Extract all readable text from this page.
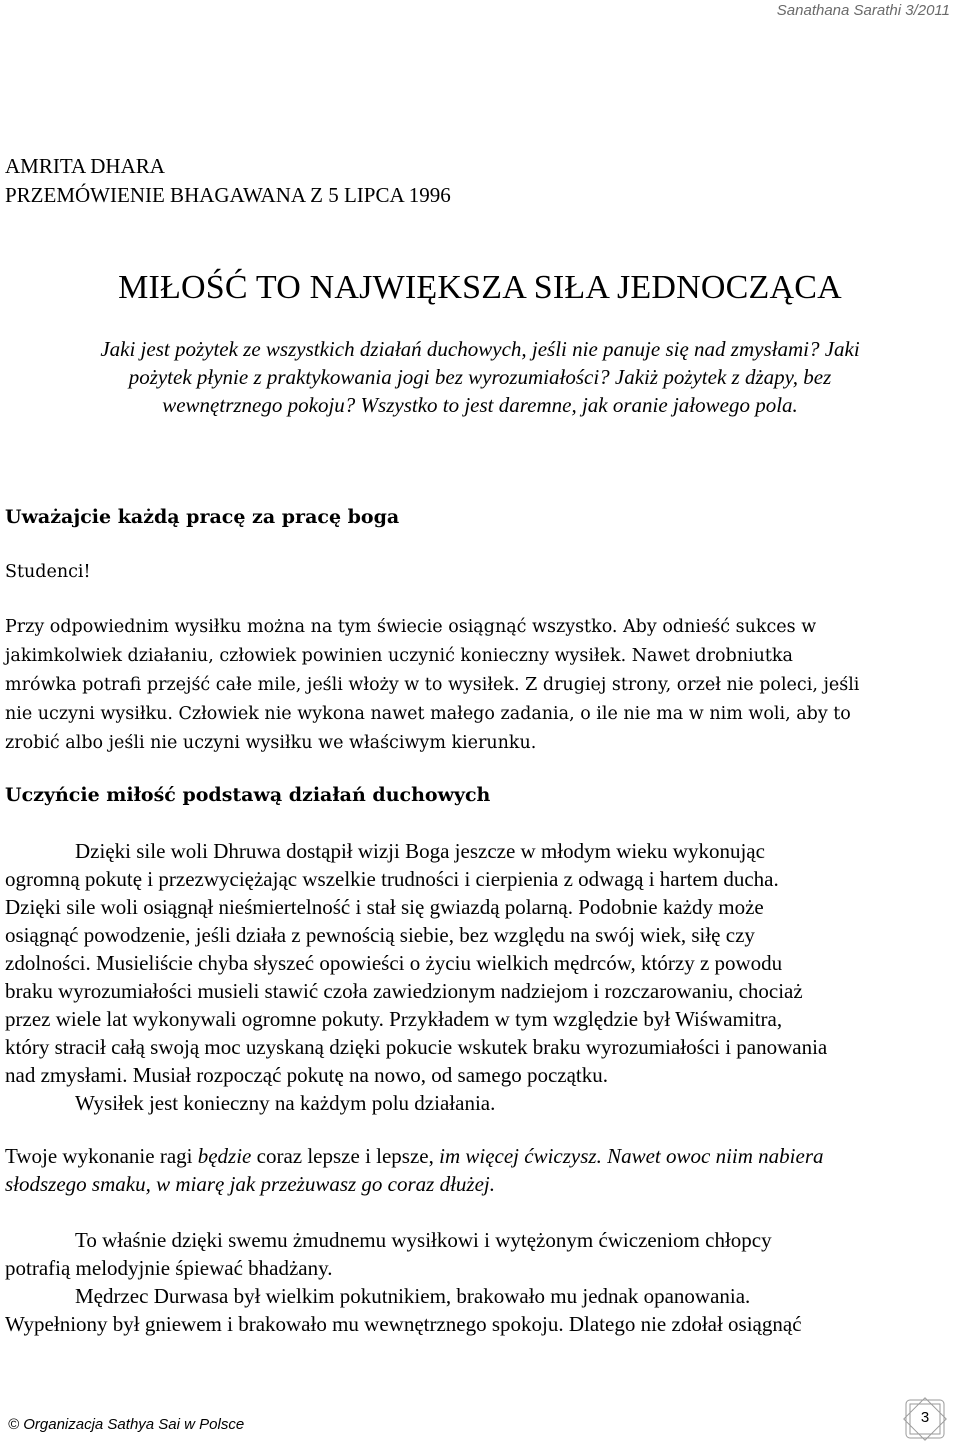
Sanathana Sarathi 3/2011
AMRITA DHARA
PRZEMÓWIENIE BHAGAWANA Z 5 LIPCA 1996
MIŁOŚĆ TO NAJWIĘKSZA SIŁA JEDNOCZĄCA
Jaki jest pożytek ze wszystkich działań duchowych, jeśli nie panuje się nad zmysłami? Jaki
pożytek płynie z praktykowania jogi bez wyrozumiałości? Jakiż pożytek z dżapy, bez
wewnętrznego pokoju? Wszystko to jest daremne, jak oranie jałowego pola.
Uważajcie każdą pracę za pracę boga
Studenci!
Przy odpowiednim wysiłku można na tym świecie osiągnąć wszystko. Aby odnieść sukces w
jakimkolwiek działaniu, człowiek powinien uczynić konieczny wysiłek. Nawet drobniutka
mrówka potrafi przejść całe mile, jeśli włoży w to wysiłek. Z drugiej strony, orzeł nie poleci, jeśli
nie uczyni wysiłku. Człowiek nie wykona nawet małego zadania, o ile nie ma w nim woli, aby to
zrobić albo jeśli nie uczyni wysiłku we właściwym kierunku.
Uczyńcie miłość podstawą działań duchowych
Dzięki sile woli Dhruwa dostąpił wizji Boga jeszcze w młodym wieku wykonując
ogromną pokutę i przezwyciężając wszelkie trudności i cierpienia z odwagą i hartem ducha.
Dzięki sile woli osiągnął nieśmiertelność i stał się gwiazdą polarną. Podobnie każdy może
osiągnąć powodzenie, jeśli działa z pewnością siebie, bez względu na swój wiek, siłę czy
zdolności. Musieliście chyba słyszeć opowieści o życiu wielkich mędrców, którzy z powodu
braku wyrozumiałości musieli stawić czoła zawiedzionym nadziejom i rozczarowaniu, chociaż
przez wiele lat wykonywali ogromne pokuty. Przykładem w tym względzie był Wiśwamitra,
który stracił całą swoją moc uzyskaną dzięki pokucie wskutek braku wyrozumiałości i panowania
nad zmysłami. Musiał rozpocząć pokutę na nowo, od samego początku.
Wysiłek jest konieczny na każdym polu działania.
Twoje wykonanie ragi będzie coraz lepsze i lepsze, im więcej ćwiczysz. Nawet owoc niim nabiera
słodszego smaku, w miarę jak przeżuwasz go coraz dłużej.
To właśnie dzięki swemu żmudnemu wysiłkowi i wytężonym ćwiczeniom chłopcy
potrafią melodyjnie śpiewać bhadżany.
Mędrzec Durwasa był wielkim pokutnikiem, brakowało mu jednak opanowania.
Wypełniony był gniewem i brakowało mu wewnętrznego spokoju. Dlatego nie zdołał osiągnąć
© Organizacja Sathya Sai w Polsce	3
